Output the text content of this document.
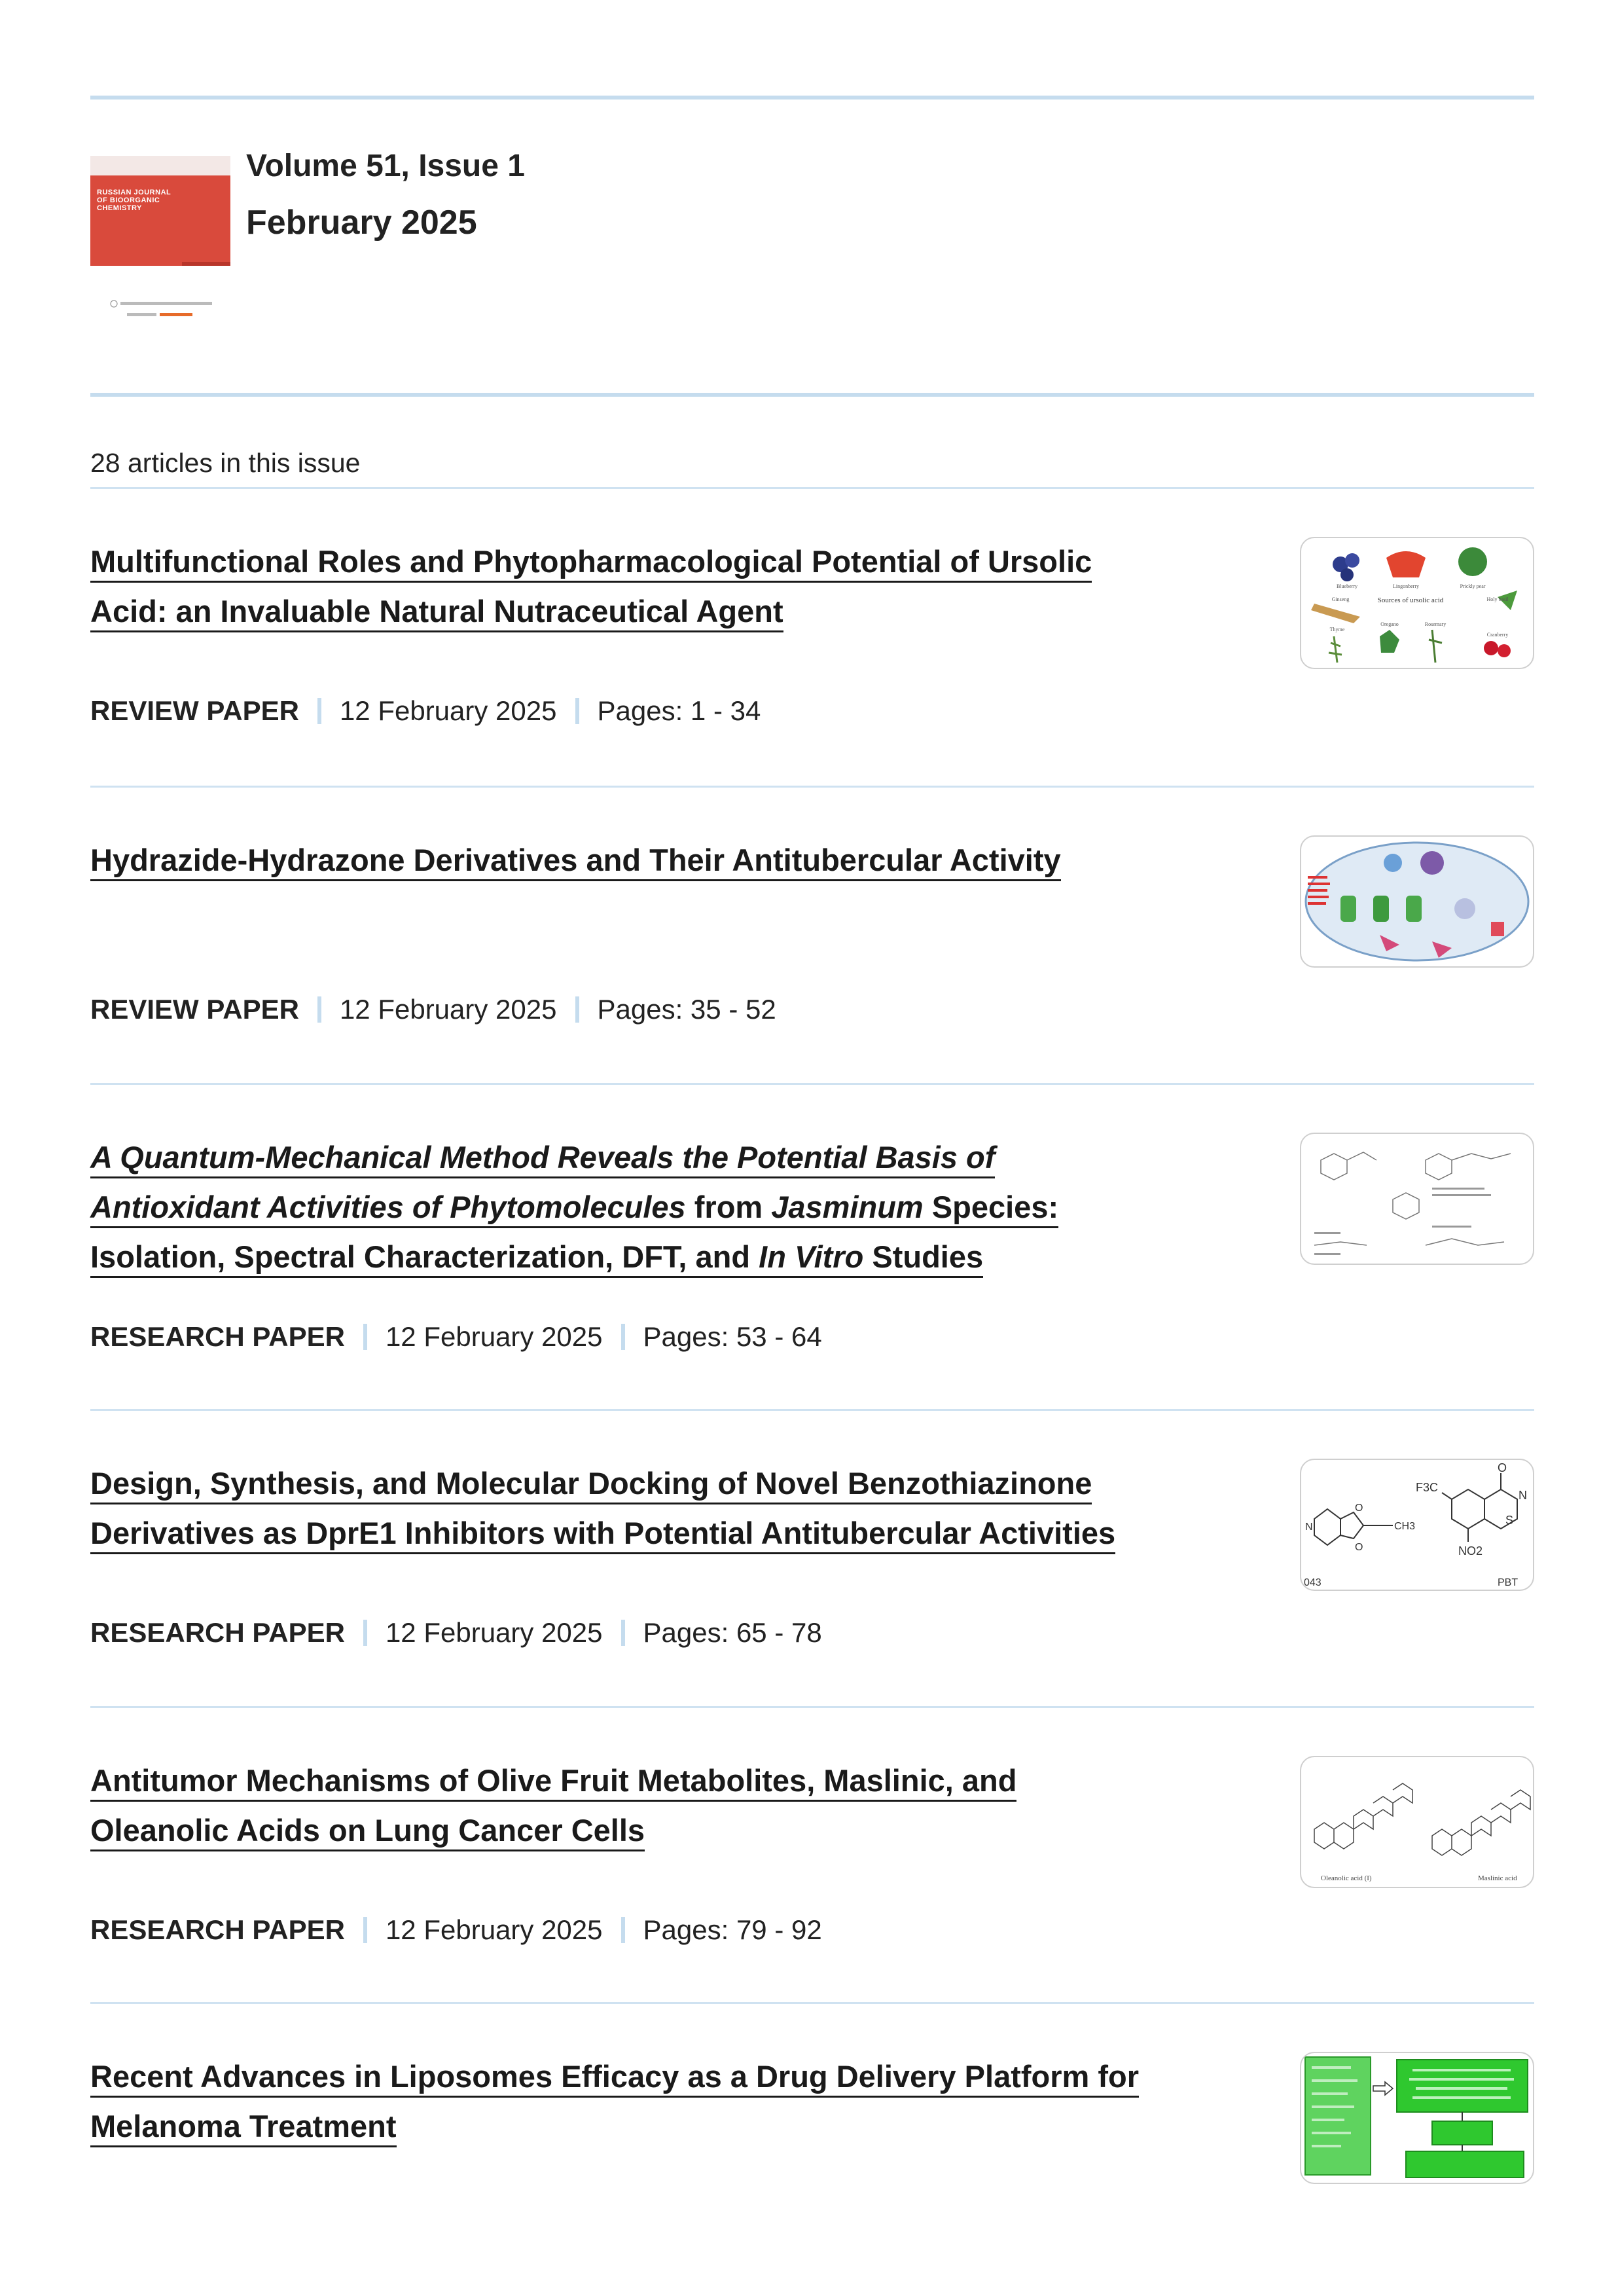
RUSSIAN JOURNAL OF BIOORGANIC CHEMISTRY
Volume 51, Issue 1
February 2025
28 articles in this issue
Multifunctional Roles and Phytopharmacological Potential of Ursolic
Acid: an Invaluable Natural Nutraceutical Agent
REVIEW PAPER 12 February 2025 Pages: 1 - 34
Sources of ursolic acid
Blueberry	Lingonberry	Prickly pear
Ginseng	Holy basil
Thyme
Oregano	Rosemary
Cranberry
Hydrazide-Hydrazone Derivatives and Their Antitubercular Activity
REVIEW PAPER 12 February 2025 Pages: 35 - 52
A Quantum-Mechanical Method Reveals the Potential Basis of
Antioxidant Activities of Phytomolecules from Jasminum Species:
Isolation, Spectral Characterization, DFT, and In Vitro Studies
RESEARCH PAPER 12 February 2025 Pages: 53 - 64
Design, Synthesis, and Molecular Docking of Novel Benzothiazinone
Derivatives as DprE1 Inhibitors with Potential Antitubercular Activities
RESEARCH PAPER 12 February 2025 Pages: 65 - 78
F3C
O
N
S
NO2
N
O
O
CH3
043	PBT
Antitumor Mechanisms of Olive Fruit Metabolites, Maslinic, and
Oleanolic Acids on Lung Cancer Cells
RESEARCH PAPER 12 February 2025 Pages: 79 - 92
Oleanolic acid (I)	Maslinic acid
Recent Advances in Liposomes Efficacy as a Drug Delivery Platform for
Melanoma Treatment
